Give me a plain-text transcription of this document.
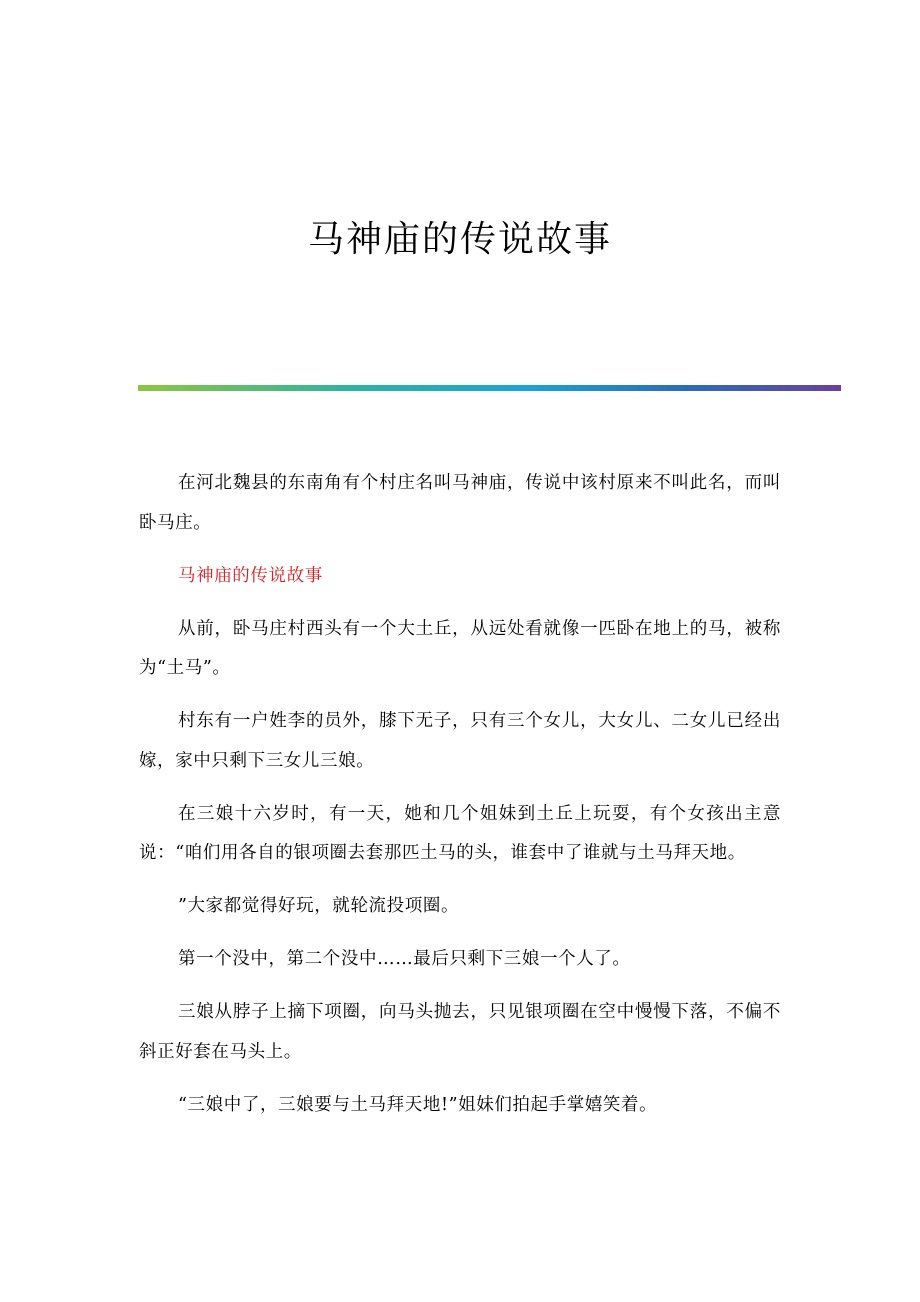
马神庙的传说故事

在河北魏县的东南角有个村庄名叫马神庙，传说中该村原来不叫此名，而叫卧马庄。

马神庙的传说故事

从前，卧马庄村西头有一个大土丘，从远处看就像一匹卧在地上的马，被称为“土马”。

村东有一户姓李的员外，膝下无子，只有三个女儿，大女儿、二女儿已经出嫁，家中只剩下三女儿三娘。

在三娘十六岁时，有一天，她和几个姐妹到土丘上玩耍，有个女孩出主意说：“咱们用各自的银项圈去套那匹土马的头，谁套中了谁就与土马拜天地。

”大家都觉得好玩，就轮流投项圈。

第一个没中，第二个没中……最后只剩下三娘一个人了。

三娘从脖子上摘下项圈，向马头抛去，只见银项圈在空中慢慢下落，不偏不斜正好套在马头上。

“三娘中了，三娘要与土马拜天地!”姐妹们拍起手掌嬉笑着。
